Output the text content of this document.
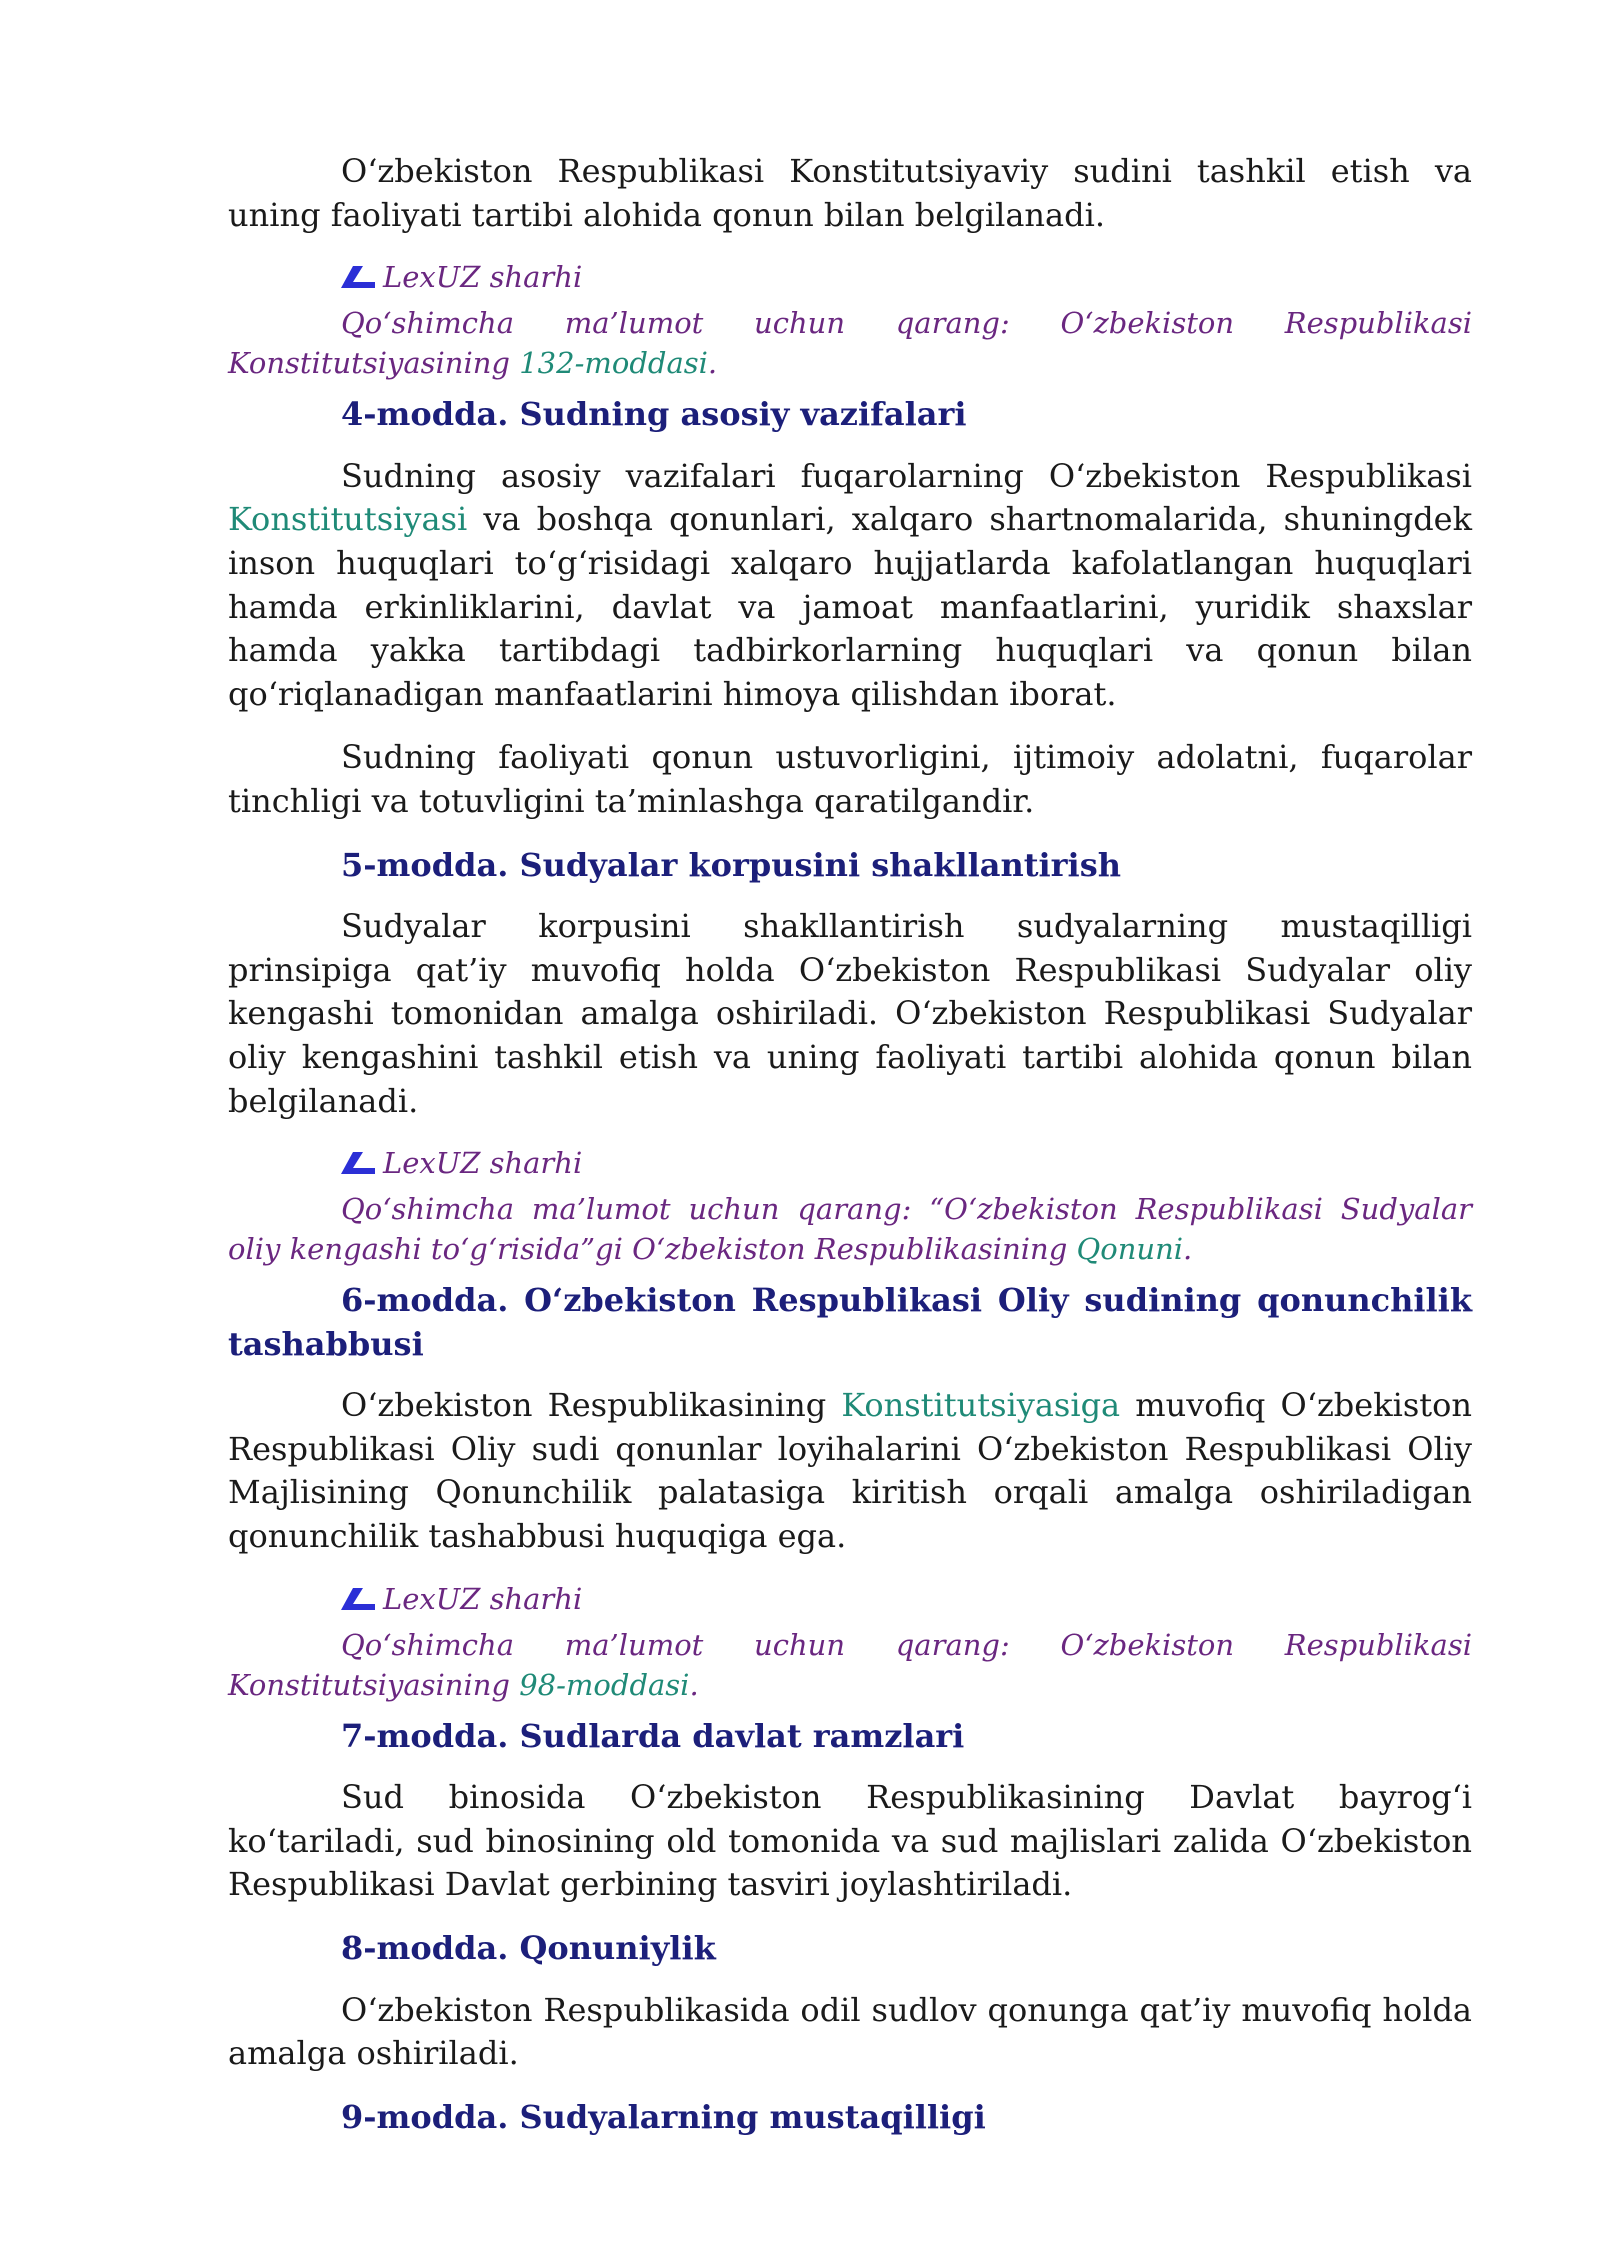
O‘zbekiston Respublikasi Konstitutsiyaviy sudini tashkil etish va uning faoliyati tartibi alohida qonun bilan belgilanadi.

LexUZ sharhi

Qo‘shimcha ma’lumot uchun qarang: O‘zbekiston Respublikasi Konstitutsiyasining 132-moddasi.

4-modda. Sudning asosiy vazifalari

Sudning asosiy vazifalari fuqarolarning O‘zbekiston Respublikasi Konstitutsiyasi va boshqa qonunlari, xalqaro shartnomalarida, shuningdek inson huquqlari to‘g‘risidagi xalqaro hujjatlarda kafolatlangan huquqlari hamda erkinliklarini, davlat va jamoat manfaatlarini, yuridik shaxslar hamda yakka tartibdagi tadbirkorlarning huquqlari va qonun bilan qo‘riqlanadigan manfaatlarini himoya qilishdan iborat.

Sudning faoliyati qonun ustuvorligini, ijtimoiy adolatni, fuqarolar tinchligi va totuvligini ta’minlashga qaratilgandir.

5-modda. Sudyalar korpusini shakllantirish

Sudyalar korpusini shakllantirish sudyalarning mustaqilligi prinsipiga qat’iy muvofiq holda O‘zbekiston Respublikasi Sudyalar oliy kengashi tomonidan amalga oshiriladi. O‘zbekiston Respublikasi Sudyalar oliy kengashini tashkil etish va uning faoliyati tartibi alohida qonun bilan belgilanadi.

LexUZ sharhi

Qo‘shimcha ma’lumot uchun qarang: “O‘zbekiston Respublikasi Sudyalar oliy kengashi to‘g‘risida”gi O‘zbekiston Respublikasining Qonuni.

6-modda. O‘zbekiston Respublikasi Oliy sudining qonunchilik tashabbusi

O‘zbekiston Respublikasining Konstitutsiyasiga muvofiq O‘zbekiston Respublikasi Oliy sudi qonunlar loyihalarini O‘zbekiston Respublikasi Oliy Majlisining Qonunchilik palatasiga kiritish orqali amalga oshiriladigan qonunchilik tashabbusi huquqiga ega.

LexUZ sharhi

Qo‘shimcha ma’lumot uchun qarang: O‘zbekiston Respublikasi Konstitutsiyasining 98-moddasi.

7-modda. Sudlarda davlat ramzlari

Sud binosida O‘zbekiston Respublikasining Davlat bayrog‘i ko‘tariladi, sud binosining old tomonida va sud majlislari zalida O‘zbekiston Respublikasi Davlat gerbining tasviri joylashtiriladi.

8-modda. Qonuniylik

O‘zbekiston Respublikasida odil sudlov qonunga qat’iy muvofiq holda amalga oshiriladi.

9-modda. Sudyalarning mustaqilligi
